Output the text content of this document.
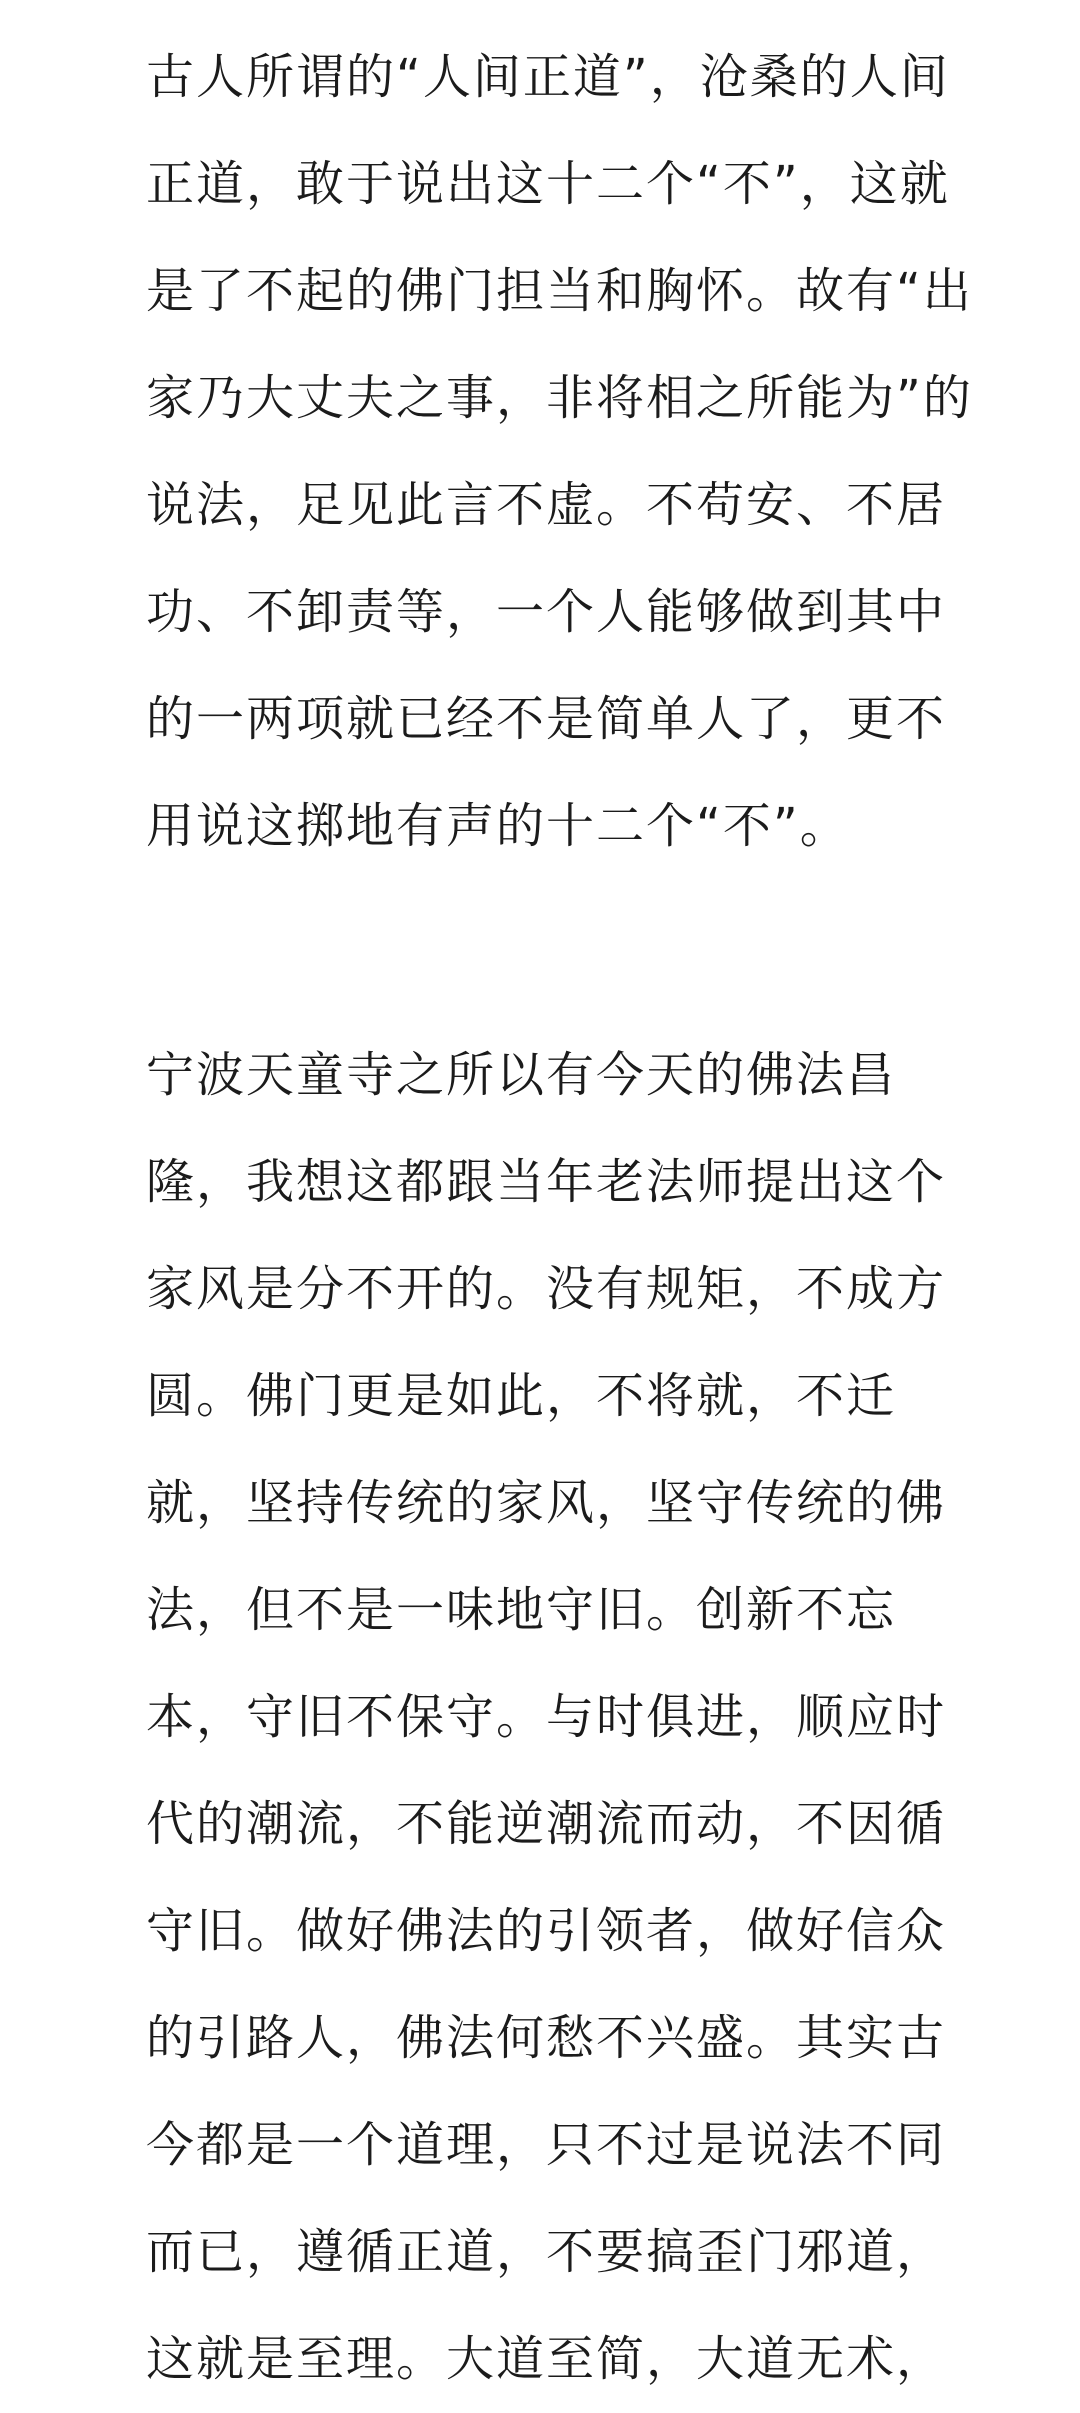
古人所谓的“人间正道”，沧桑的人间
正道，敢于说出这十二个“不”，这就
是了不起的佛门担当和胸怀。故有“出
家乃大丈夫之事，非将相之所能为”的
说法，足见此言不虚。不苟安、不居
功、不卸责等，一个人能够做到其中
的一两项就已经不是简单人了，更不
用说这掷地有声的十二个“不”。
宁波天童寺之所以有今天的佛法昌
隆，我想这都跟当年老法师提出这个
家风是分不开的。没有规矩，不成方
圆。佛门更是如此，不将就，不迁
就，坚持传统的家风，坚守传统的佛
法，但不是一味地守旧。创新不忘
本，守旧不保守。与时俱进，顺应时
代的潮流，不能逆潮流而动，不因循
守旧。做好佛法的引领者，做好信众
的引路人，佛法何愁不兴盛。其实古
今都是一个道理，只不过是说法不同
而已，遵循正道，不要搞歪门邪道，
这就是至理。大道至简，大道无术，
